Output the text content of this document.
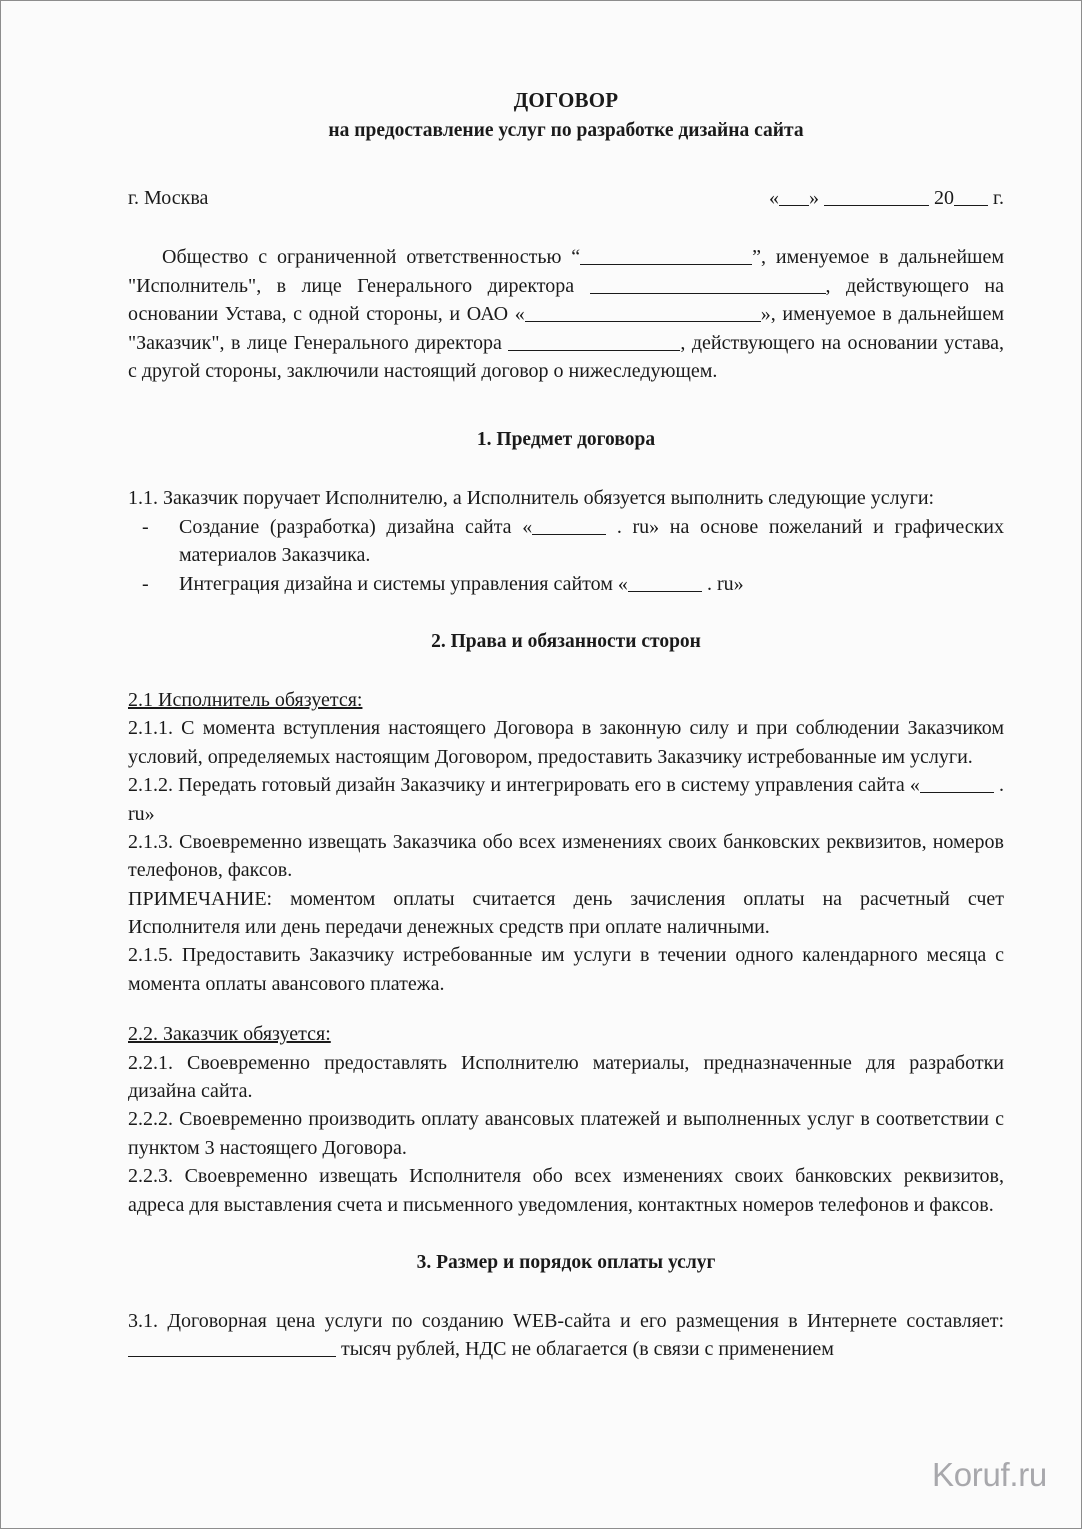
ДОГОВОР
на предоставление услуг по разработке дизайна сайта
г. Москва	« »	20 г.

Общество с ограниченной ответственностью “	”, именуемое в дальнейшем "Исполнитель", в лице Генерального директора	, действующего на основании Устава, с одной стороны, и ОАО «	», именуемое в дальнейшем "Заказчик", в лице Генерального директора	, действующего на основании устава, с другой стороны, заключили настоящий договор о нижеследующем.

1. Предмет договора

1.1. Заказчик поручает Исполнителю, а Исполнитель обязуется выполнить следующие услуги:

- Создание (разработка) дизайна сайта «	. ru» на основе пожеланий и графических материалов Заказчика.
- Интеграция дизайна и системы управления сайтом «	. ru»
2. Права и обязанности сторон
2.1 Исполнитель обязуется:

2.1.1. С момента вступления настоящего Договора в законную силу и при соблюдении Заказчиком условий, определяемых настоящим Договором, предоставить Заказчику истребованные им услуги.

2.1.2. Передать готовый дизайн Заказчику и интегрировать его в систему управления сайта «	. ru»

2.1.3. Своевременно извещать Заказчика обо всех изменениях своих банковских реквизитов, номеров телефонов, факсов.

ПРИМЕЧАНИЕ: моментом оплаты считается день зачисления оплаты на расчетный счет Исполнителя или день передачи денежных средств при оплате наличными.

2.1.5. Предоставить Заказчику истребованные им услуги в течении одного календарного месяца с момента оплаты авансового платежа.

2.2. Заказчик обязуется:

2.2.1. Своевременно предоставлять Исполнителю материалы, предназначенные для разработки дизайна сайта.

2.2.2. Своевременно производить оплату авансовых платежей и выполненных услуг в соответствии с пунктом 3 настоящего Договора.

2.2.3. Своевременно извещать Исполнителя обо всех изменениях своих банковских реквизитов, адреса для выставления счета и письменного уведомления, контактных номеров телефонов и факсов.

3. Размер и порядок оплаты услуг

3.1. Договорная цена услуги по созданию WEB-сайта и его размещения в Интернете составляет:  тысяч рублей, НДС не облагается (в связи с применением

Koruf.ru
